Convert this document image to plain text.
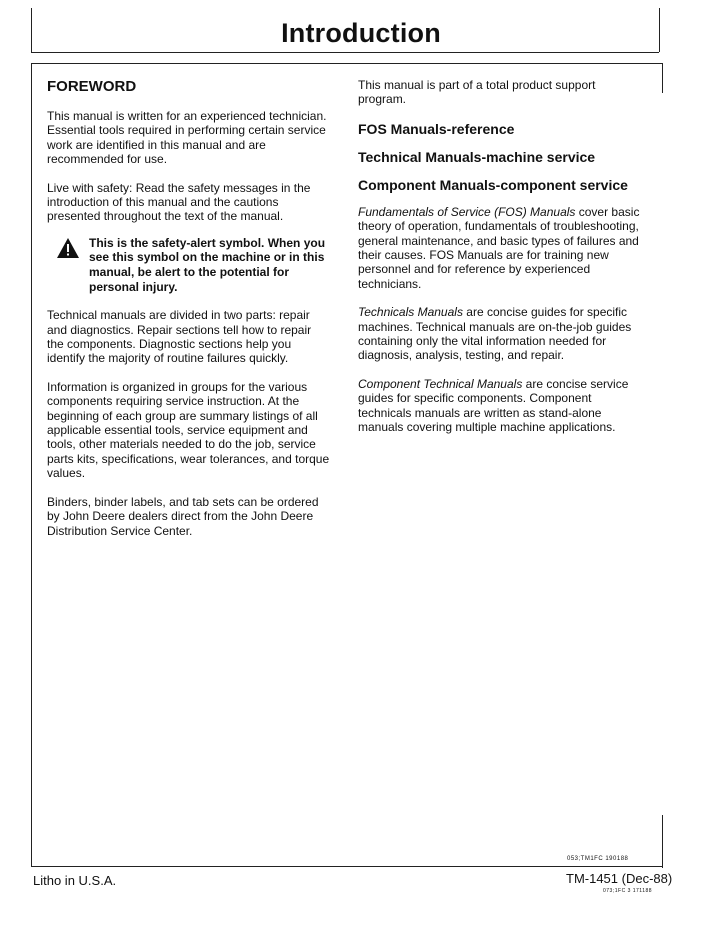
Introduction
FOREWORD

This manual is written for an experienced technician. Essential tools required in performing certain service work are identified in this manual and are recommended for use.

Live with safety: Read the safety messages in the introduction of this manual and the cautions presented throughout the text of the manual.

This is the safety-alert symbol. When you see this symbol on the machine or in this manual, be alert to the potential for personal injury.

Technical manuals are divided in two parts: repair and diagnostics. Repair sections tell how to repair the components. Diagnostic sections help you identify the majority of routine failures quickly.

Information is organized in groups for the various components requiring service instruction. At the beginning of each group are summary listings of all applicable essential tools, service equipment and tools, other materials needed to do the job, service parts kits, specifications, wear tolerances, and torque values.

Binders, binder labels, and tab sets can be ordered by John Deere dealers direct from the John Deere Distribution Service Center.

This manual is part of a total product support program.

FOS Manuals-reference

Technical Manuals-machine service

Component Manuals-component service

Fundamentals of Service (FOS) Manuals cover basic theory of operation, fundamentals of troubleshooting, general maintenance, and basic types of failures and their causes. FOS Manuals are for training new personnel and for reference by experienced technicians.

Technicals Manuals are concise guides for specific machines. Technical manuals are on-the-job guides containing only the vital information needed for diagnosis, analysis, testing, and repair.

Component Technical Manuals are concise service guides for specific components. Component technicals manuals are written as stand-alone manuals covering multiple machine applications.

053;TM1FC 190188
Litho in U.S.A.	TM-1451 (Dec-88)
073;1FC 3 171188
